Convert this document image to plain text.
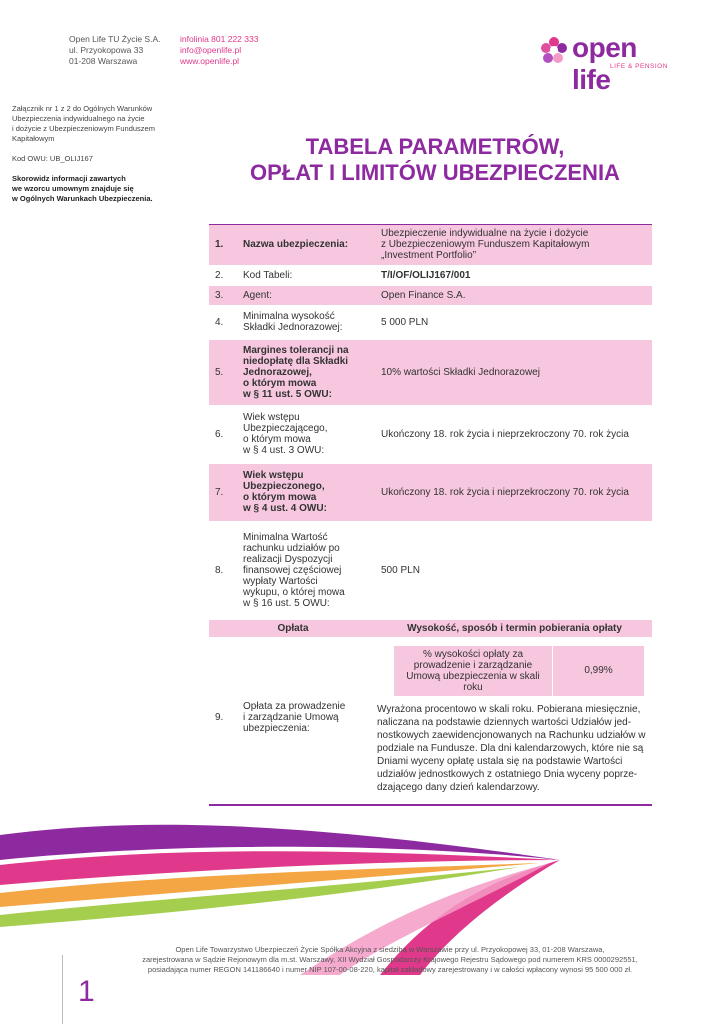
Open Life TU Życie S.A.
ul. Przyokopowa 33
01-208 Warszawa
infolinia 801 222 333
info@openlife.pl
www.openlife.pl	open life LIFE & PENSION
Załącznik nr 1 z 2 do Ogólnych Warunków
Ubezpieczenia indywidualnego na życie
i dożycie z Ubezpieczeniowym Funduszem
Kapitałowym
Kod OWU: UB_OLIJ167
Skorowidz informacji zawartych
we wzorcu umownym znajduje się
w Ogólnych Warunkach Ubezpieczenia.
TABELA PARAMETRÓW,
OPŁAT I LIMITÓW UBEZPIECZENIA
1.	Nazwa ubezpieczenia:	Ubezpieczenie indywidualne na życie i dożycie
z Ubezpieczeniowym Funduszem Kapitałowym
„Investment Portfolio”
2.	Kod Tabeli:	T/I/OF/OLIJ167/001
3.	Agent:	Open Finance S.A.
4.	Minimalna wysokość
Składki Jednorazowej:	5 000 PLN
5.	Margines tolerancji na
niedopłatę dla Składki
Jednorazowej,
o którym mowa
w § 11 ust. 5 OWU:	10% wartości Składki Jednorazowej
6.	Wiek wstępu
Ubezpieczającego,
o którym mowa
w § 4 ust. 3 OWU:	Ukończony 18. rok życia i nieprzekroczony 70. rok życia
7.	Wiek wstępu
Ubezpieczonego,
o którym mowa
w § 4 ust. 4 OWU:	Ukończony 18. rok życia i nieprzekroczony 70. rok życia
8.	Minimalna Wartość
rachunku udziałów po
realizacji Dyspozycji
finansowej częściowej
wypłaty Wartości
wykupu, o której mowa
w § 16 ust. 5 OWU:	500 PLN
Opłata	Wysokość, sposób i termin pobierania opłaty
9.	Opłata za prowadzenie
i zarządzanie Umową
ubezpieczenia:	
% wysokości opłaty za
prowadzenie i zarządzanie
Umową ubezpieczenia w skali
roku	0,99%
Wyrażona procentowo w skali roku. Pobierana miesięcznie, naliczana na podstawie dziennych wartości Udziałów jed- nostkowych zaewidencjonowanych na Rachunku udziałów w podziale na Fundusze. Dla dni kalendarzowych, które nie są Dniami wyceny opłatę ustala się na podstawie Wartości udziałów jednostkowych z ostatniego Dnia wyceny poprze- dzającego dany dzień kalendarzowy.
1
Open Life Towarzystwo Ubezpieczeń Życie Spółka Akcyjna z siedzibą w Warszawie przy ul. Przyokopowej 33, 01-208 Warszawa,
zarejestrowana w Sądzie Rejonowym dla m.st. Warszawy, XII Wydział Gospodarczy Krajowego Rejestru Sądowego pod numerem KRS 0000292551,
posiadająca numer REGON 141186640 i numer NIP 107-00-08-220, kapitał zakładowy zarejestrowany i w całości wpłacony wynosi 95 500 000 zł.
